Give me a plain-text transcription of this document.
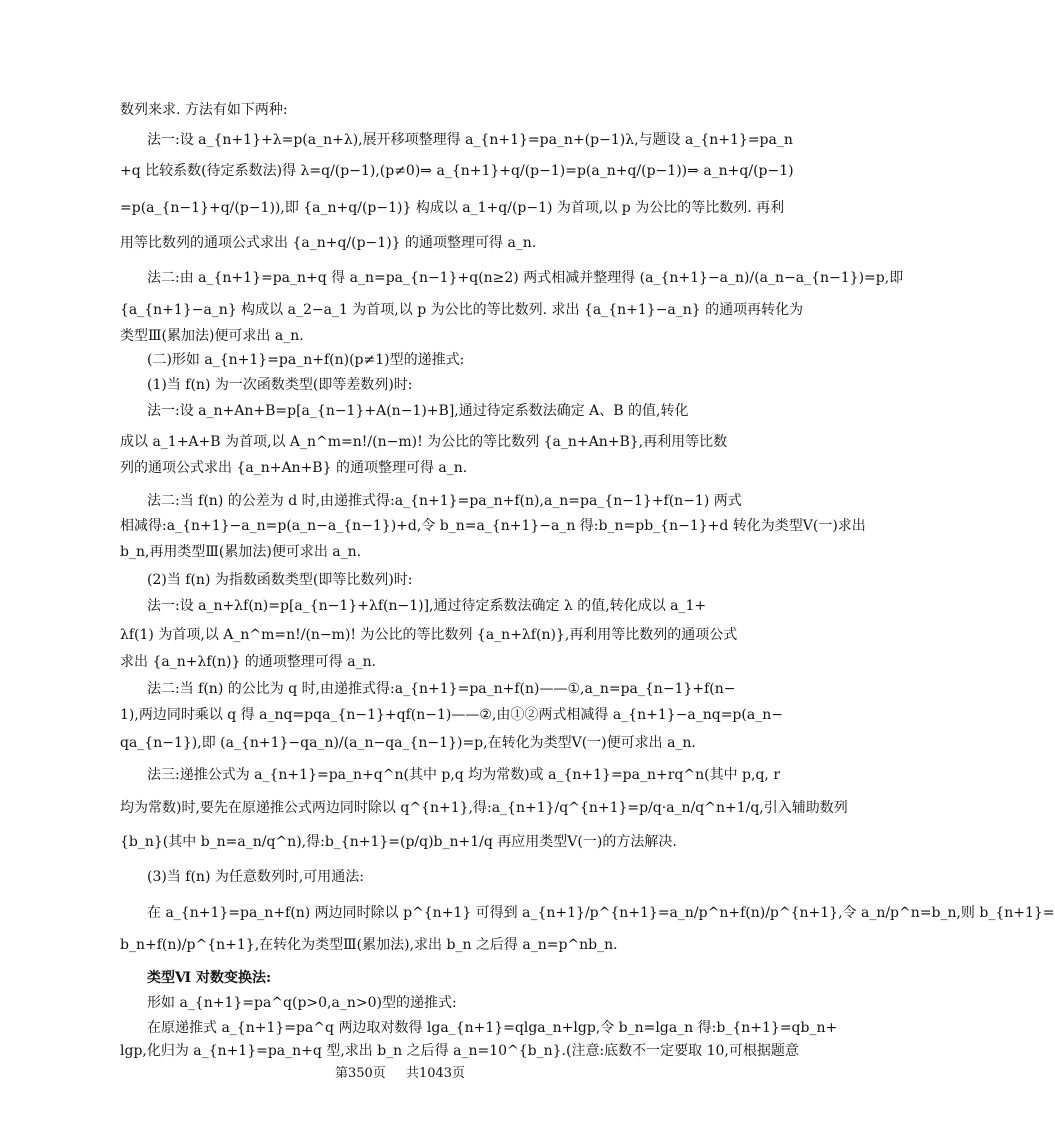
数列来求. 方法有如下两种:
法一:设 a_{n+1}+λ=p(a_n+λ),展开移项整理得 a_{n+1}=pa_n+(p−1)λ,与题设 a_{n+1}=pa_n
+q 比较系数(待定系数法)得 λ=q/(p−1),(p≠0)⇒ a_{n+1}+q/(p−1)=p(a_n+q/(p−1))⇒ a_n+q/(p−1)
=p(a_{n−1}+q/(p−1)),即 {a_n+q/(p−1)} 构成以 a_1+q/(p−1) 为首项,以 p 为公比的等比数列. 再利
用等比数列的通项公式求出 {a_n+q/(p−1)} 的通项整理可得 a_n.
法二:由 a_{n+1}=pa_n+q 得 a_n=pa_{n−1}+q(n≥2) 两式相减并整理得 (a_{n+1}−a_n)/(a_n−a_{n−1})=p,即
{a_{n+1}−a_n} 构成以 a_2−a_1 为首项,以 p 为公比的等比数列. 求出 {a_{n+1}−a_n} 的通项再转化为
类型Ⅲ(累加法)便可求出 a_n.
(二)形如 a_{n+1}=pa_n+f(n)(p≠1)型的递推式:
(1)当 f(n) 为一次函数类型(即等差数列)时:
法一:设 a_n+An+B=p[a_{n−1}+A(n−1)+B],通过待定系数法确定 A、B 的值,转化
成以 a_1+A+B 为首项,以 A_n^m=n!/(n−m)! 为公比的等比数列 {a_n+An+B},再利用等比数
列的通项公式求出 {a_n+An+B} 的通项整理可得 a_n.
法二:当 f(n) 的公差为 d 时,由递推式得:a_{n+1}=pa_n+f(n),a_n=pa_{n−1}+f(n−1) 两式
相减得:a_{n+1}−a_n=p(a_n−a_{n−1})+d,令 b_n=a_{n+1}−a_n 得:b_n=pb_{n−1}+d 转化为类型Ⅴ(一)求出
b_n,再用类型Ⅲ(累加法)便可求出 a_n.
(2)当 f(n) 为指数函数类型(即等比数列)时:
法一:设 a_n+λf(n)=p[a_{n−1}+λf(n−1)],通过待定系数法确定 λ 的值,转化成以 a_1+
λf(1) 为首项,以 A_n^m=n!/(n−m)! 为公比的等比数列 {a_n+λf(n)},再利用等比数列的通项公式
求出 {a_n+λf(n)} 的通项整理可得 a_n.
法二:当 f(n) 的公比为 q 时,由递推式得:a_{n+1}=pa_n+f(n)——①,a_n=pa_{n−1}+f(n−
1),两边同时乘以 q 得 a_nq=pqa_{n−1}+qf(n−1)——②,由①②两式相减得 a_{n+1}−a_nq=p(a_n−
qa_{n−1}),即 (a_{n+1}−qa_n)/(a_n−qa_{n−1})=p,在转化为类型Ⅴ(一)便可求出 a_n.
法三:递推公式为 a_{n+1}=pa_n+q^n(其中 p,q 均为常数)或 a_{n+1}=pa_n+rq^n(其中 p,q, r
均为常数)时,要先在原递推公式两边同时除以 q^{n+1},得:a_{n+1}/q^{n+1}=p/q·a_n/q^n+1/q,引入辅助数列
{b_n}(其中 b_n=a_n/q^n),得:b_{n+1}=(p/q)b_n+1/q 再应用类型Ⅴ(一)的方法解决.
(3)当 f(n) 为任意数列时,可用通法:
在 a_{n+1}=pa_n+f(n) 两边同时除以 p^{n+1} 可得到 a_{n+1}/p^{n+1}=a_n/p^n+f(n)/p^{n+1},令 a_n/p^n=b_n,则 b_{n+1}=
b_n+f(n)/p^{n+1},在转化为类型Ⅲ(累加法),求出 b_n 之后得 a_n=p^nb_n.
类型Ⅵ 对数变换法:
形如 a_{n+1}=pa^q(p>0,a_n>0)型的递推式:
在原递推式 a_{n+1}=pa^q 两边取对数得 lga_{n+1}=qlga_n+lgp,令 b_n=lga_n 得:b_{n+1}=qb_n+
lgp,化归为 a_{n+1}=pa_n+q 型,求出 b_n 之后得 a_n=10^{b_n}.(注意:底数不一定要取 10,可根据题意
第350页 共1043页
